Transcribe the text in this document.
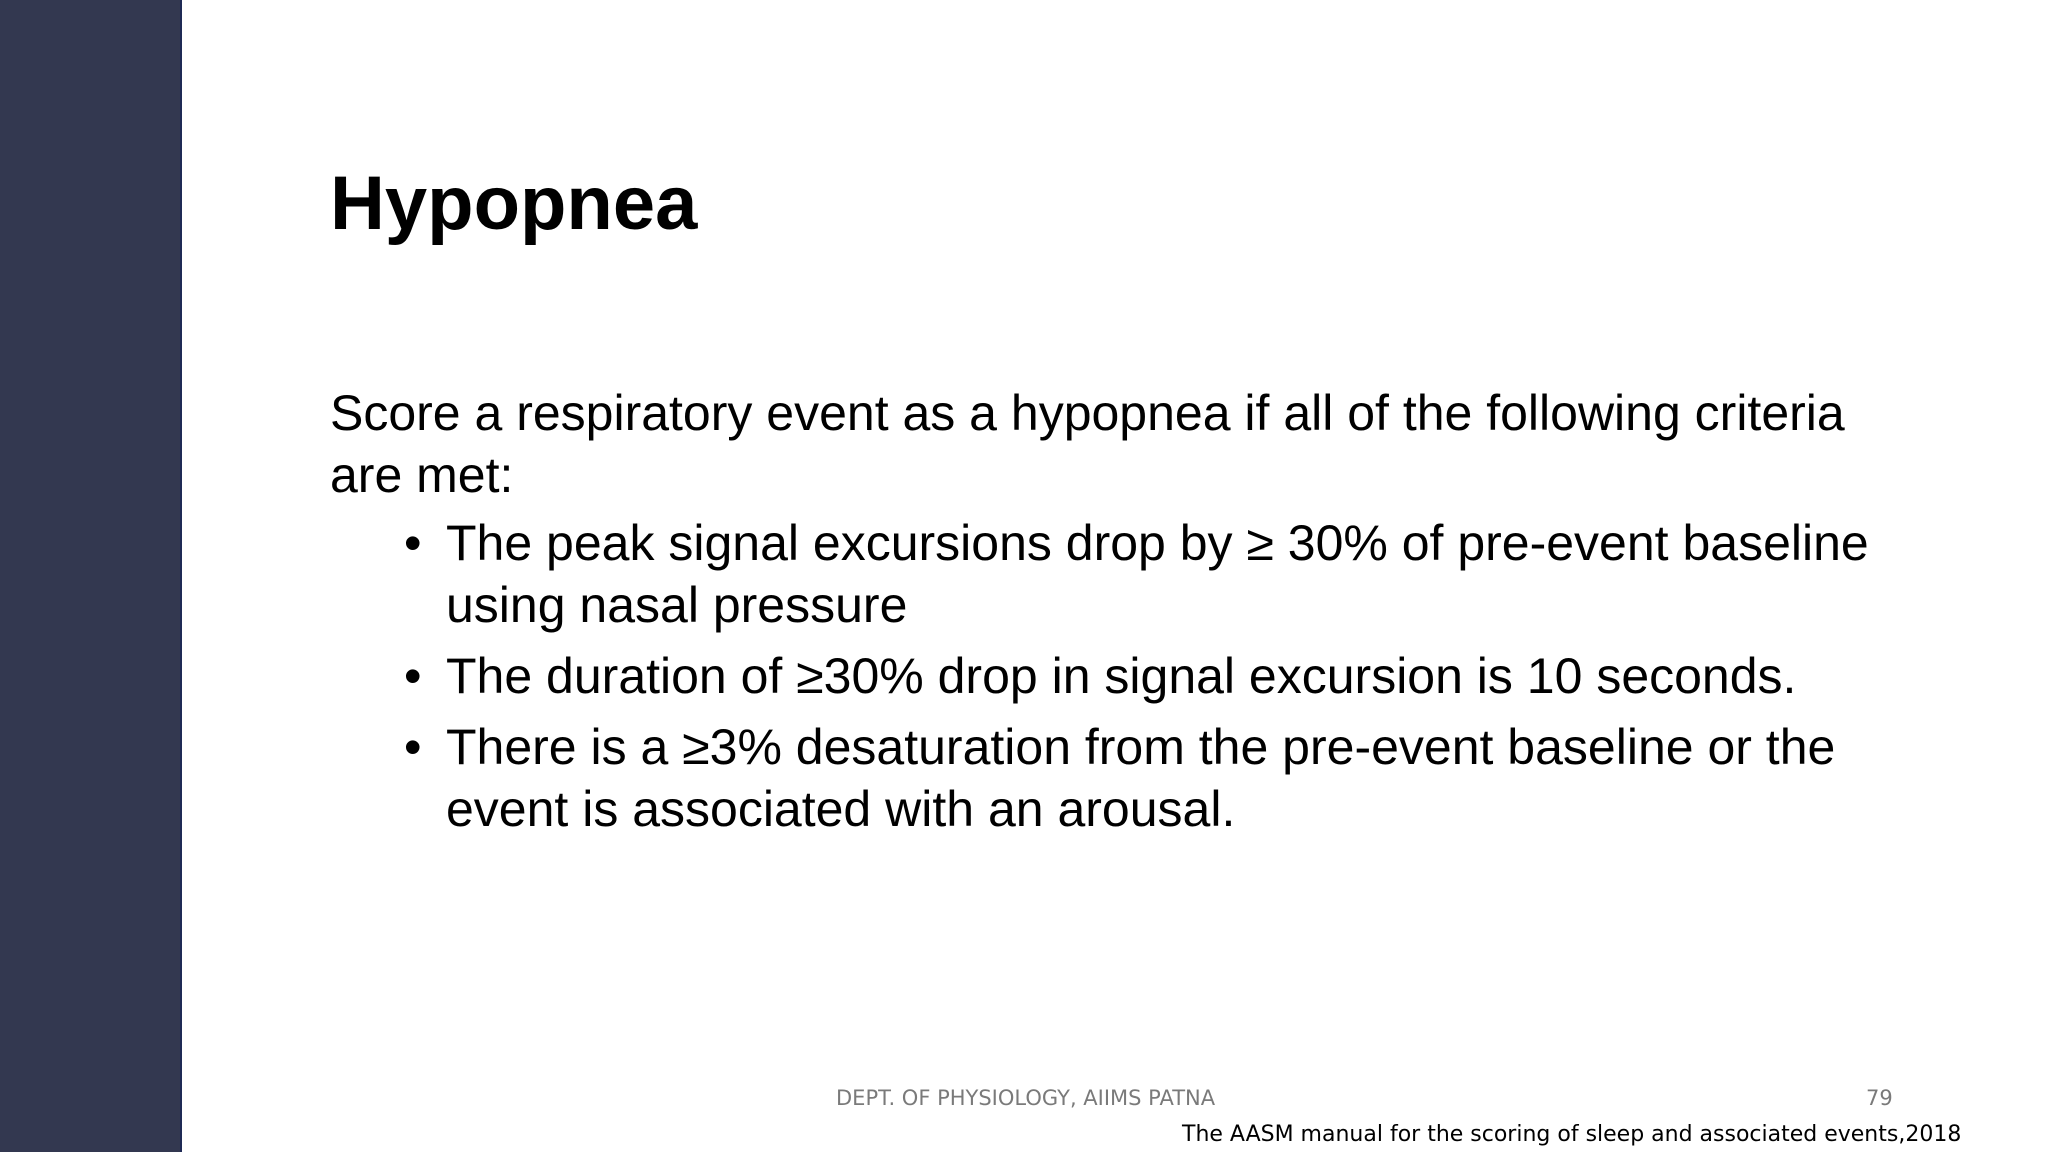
Hypopnea

Score a respiratory event as a hypopnea if all of the following criteria are met:

• The peak signal excursions drop by ≥ 30% of pre-event baseline using nasal pressure
• The duration of ≥30% drop in signal excursion is 10 seconds.
• There is a ≥3% desaturation from the pre-event baseline or the event is associated with an arousal.
DEPT. OF PHYSIOLOGY, AIIMS PATNA	79
The AASM manual for the scoring of sleep and associated events,2018
